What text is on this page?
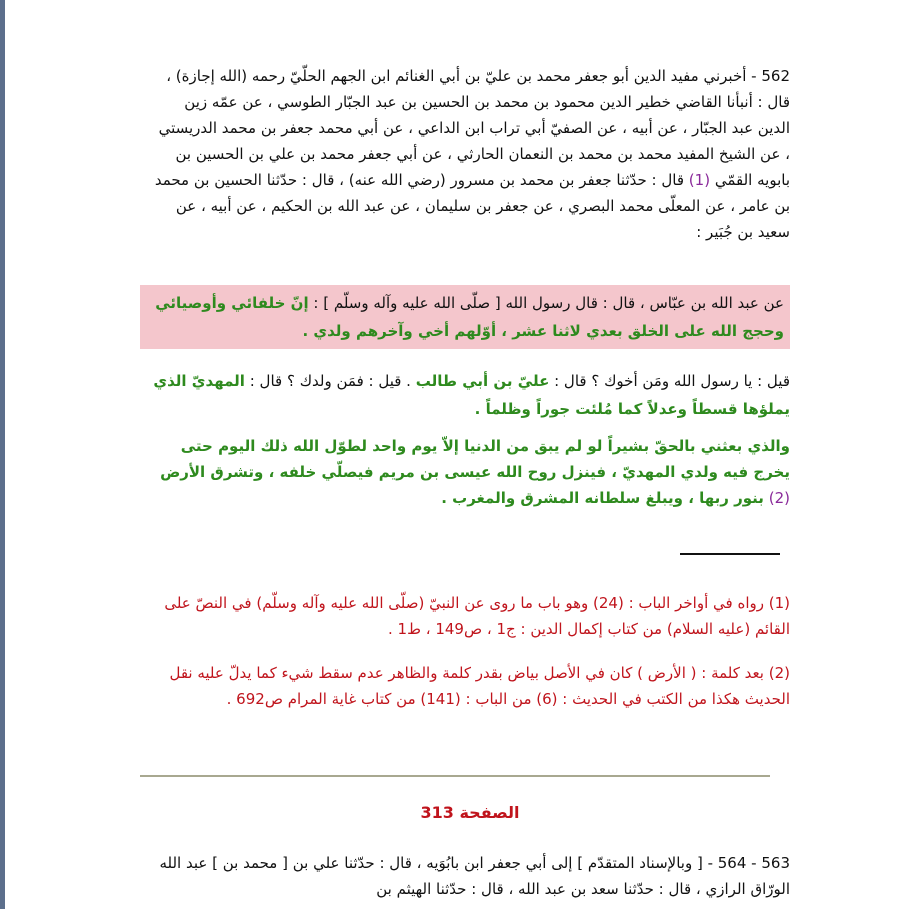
562 - أخبرني مفيد الدين أبو جعفر محمد بن عليّ بن أبي الغنائم ابن الجهم الحلّيّ رحمه (الله إجازة) ، قال : أنبأنا القاضي خطير الدين محمود بن محمد بن الحسين بن عبد الجبّار الطوسي ، عن عمّه زين الدين عبد الجبّار ، عن أبيه ، عن الصفيّ أبي تراب ابن الداعي ، عن أبي محمد جعفر بن محمد الدريستي ، عن الشيخ المفيد محمد بن محمد بن النعمان الحارثي ، عن أبي جعفر محمد بن علي بن الحسين بن بابويه القمّي (1) قال : حدّثنا جعفر بن محمد بن مسرور (رضي الله عنه) ، قال : حدّثنا الحسين بن محمد بن عامر ، عن المعلّى محمد البصري ، عن جعفر بن سليمان ، عن عبد الله بن الحكيم ، عن أبيه ، عن سعيد بن جُبَير :

عن عبد الله بن عبّاس ، قال : قال رسول الله [ صلّى الله عليه وآله وسلّم ] : إنّ خلفائي وأوصيائي وحجج الله على الخلق بعدي لاثنا عشر ، أوّلهم أخي وآخرهم ولدي .

قيل : يا رسول الله ومَن أخوك ؟ قال : عليّ بن أبي طالب . قيل : فمَن ولدك ؟ قال : المهديّ الذي يملؤها قسطاً وعدلاً كما مُلئت جوراً وظلماً .

والذي بعثني بالحقّ بشيراً لو لم يبق من الدنيا إلاّ يوم واحد لطوّل الله ذلك اليوم حتى يخرج فيه ولدي المهديّ ، فينزل روح الله عيسى بن مريم فيصلّي خلفه ، وتشرق الأرض (2) بنور ربها ، ويبلغ سلطانه المشرق والمغرب .

(1) رواه في أواخر الباب : (24) وهو باب ما روى عن النبيّ (صلّى الله عليه وآله وسلّم) في النصّ على القائم (عليه السلام) من كتاب إكمال الدين : ج1 ، ص149 ، ط1 .

(2) بعد كلمة : ( الأرض ) كان في الأصل بياض بقدر كلمة والظاهر عدم سقط شيء كما يدلّ عليه نقل الحديث هكذا من الكتب في الحديث : (6) من الباب : (141) من كتاب غاية المرام ص692 .

الصفحة 313

563 - 564 - [ وبالإسناد المتقدّم ] إلى أبي جعفر ابن بابُوَيه ، قال : حدّثنا علي بن [ محمد بن ] عبد الله الورّاق الرازي ، قال : حدّثنا سعد بن عبد الله ، قال : حدّثنا الهيثم بن
